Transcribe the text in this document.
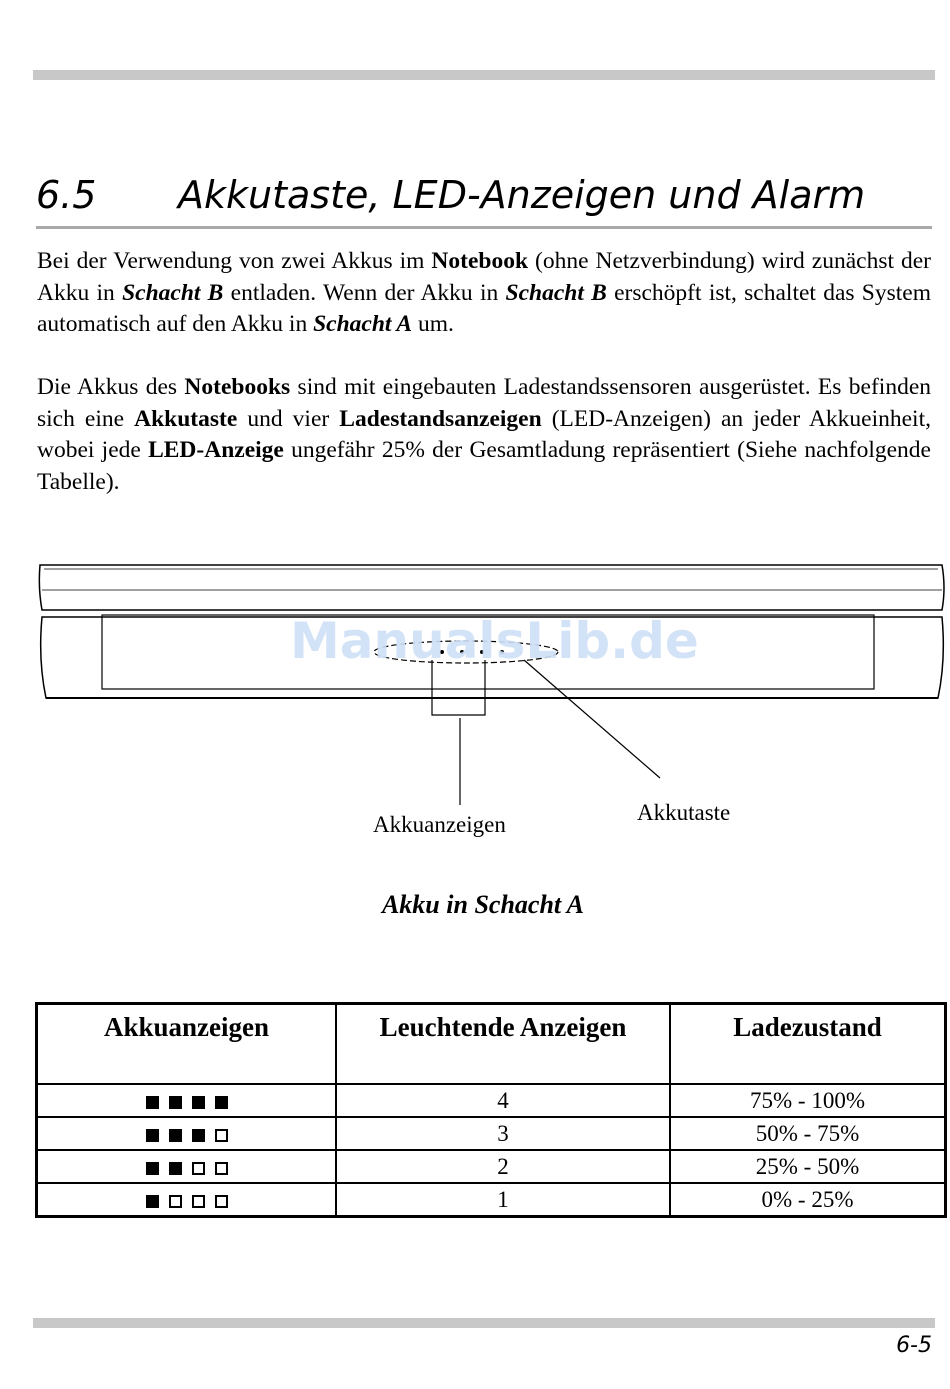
6.5 Akkutaste, LED-Anzeigen und Alarm

Bei der Verwendung von zwei Akkus im Notebook (ohne Netzverbindung) wird zunächst der Akku in Schacht B entladen. Wenn der Akku in Schacht B erschöpft ist, schaltet das System automatisch auf den Akku in Schacht A um.

Die Akkus des Notebooks sind mit eingebauten Ladestandssensoren ausgerüstet. Es befinden sich eine Akkutaste und vier Ladestandsanzeigen (LED-Anzeigen) an jeder Akkueinheit, wobei jede LED-Anzeige ungefähr 25% der Gesamtladung repräsentiert (Siehe nachfolgende Tabelle).

ManualsLib.de
Akkuanzeigen	Akkutaste
Akku in Schacht A
Akkuanzeigen	Leuchtende Anzeigen	Ladezustand
	4	75% - 100%
	3	50% - 75%
	2	25% - 50%
	1	0% - 25%
6-5
